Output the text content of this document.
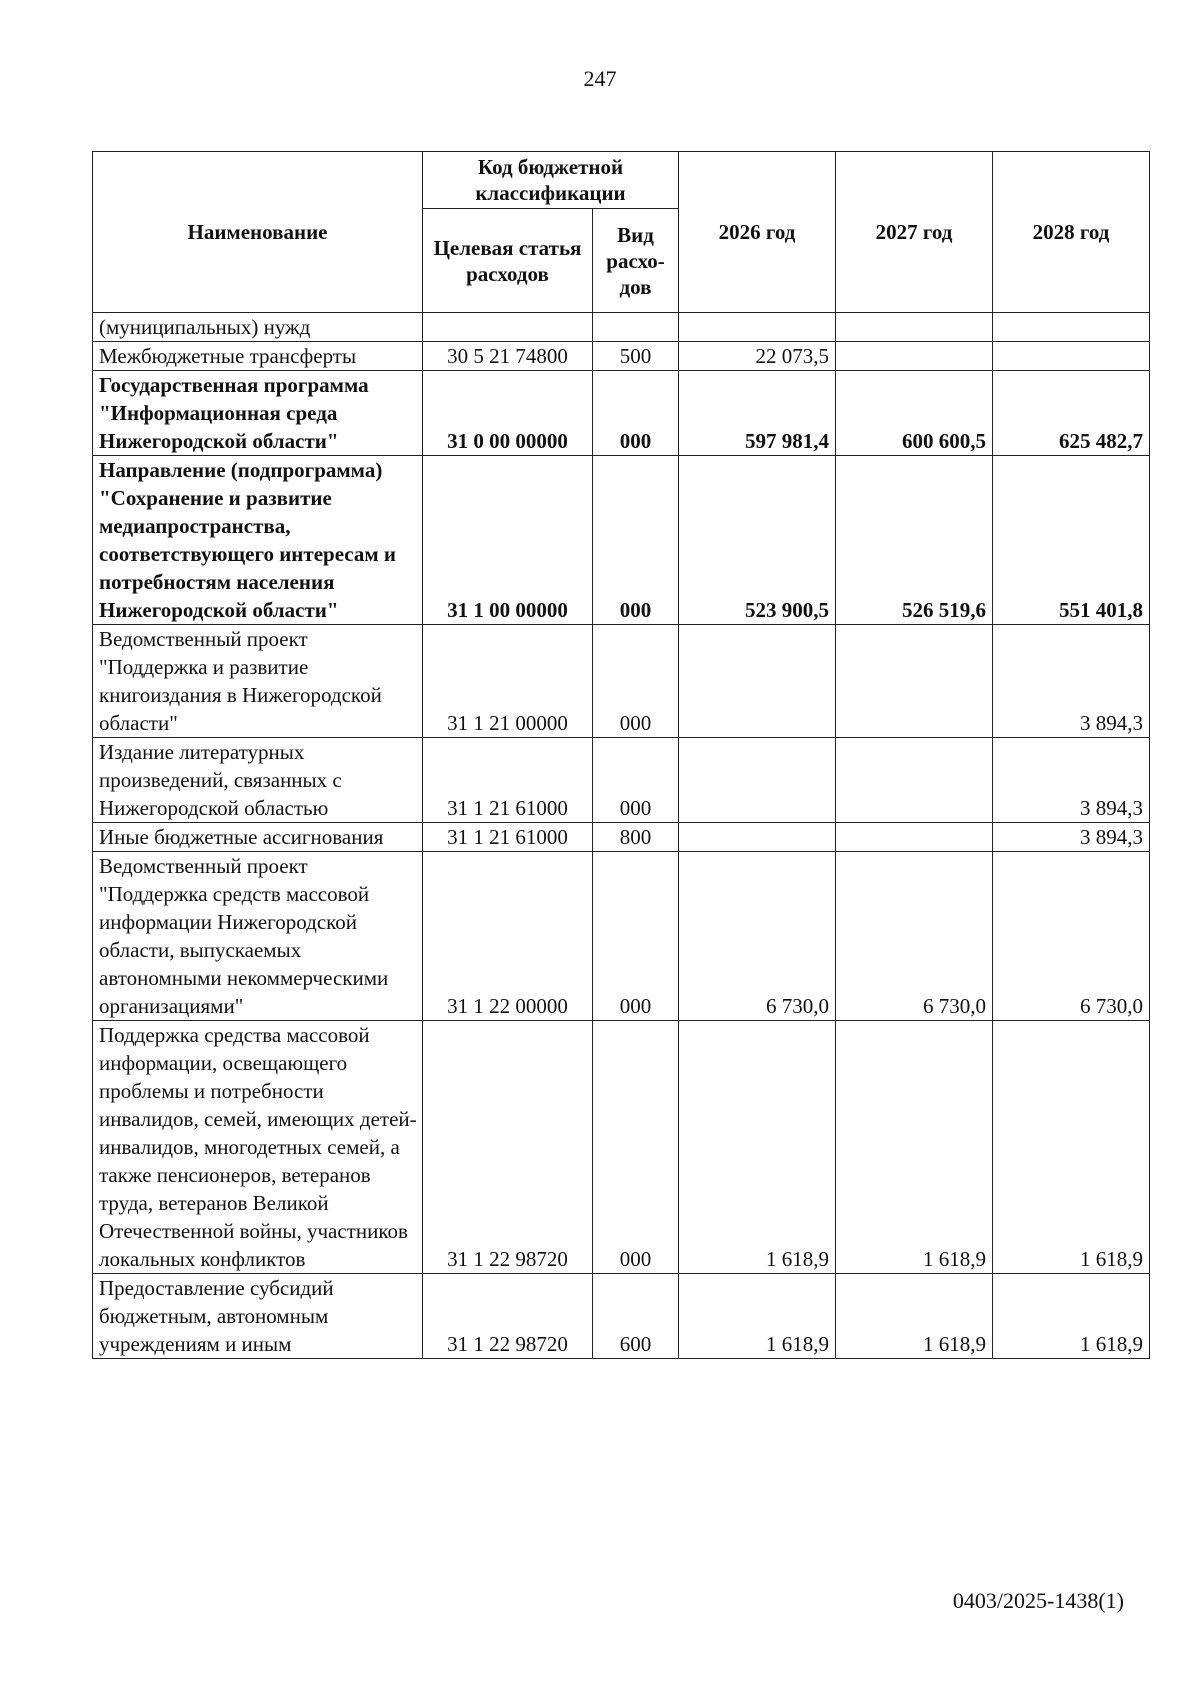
247
Наименование	Код бюджетной классификации		2026 год	2027 год	2028 год
	Целевая статья расходов	Вид расхо-дов			
(муниципальных) нужд					
Межбюджетные трансферты	30 5 21 74800	500	22 073,5		
Государственная программа "Информационная среда Нижегородской области"	31 0 00 00000	000	597 981,4	600 600,5	625 482,7
Направление (подпрограмма) "Сохранение и развитие медиапространства, соответствующего интересам и потребностям населения Нижегородской области"	31 1 00 00000	000	523 900,5	526 519,6	551 401,8
Ведомственный проект "Поддержка и развитие книгоиздания в Нижегородской области"	31 1 21 00000	000			3 894,3
Издание литературных произведений, связанных с Нижегородской областью	31 1 21 61000	000			3 894,3
Иные бюджетные ассигнования	31 1 21 61000	800			3 894,3
Ведомственный проект "Поддержка средств массовой информации Нижегородской области, выпускаемых автономными некоммерческими организациями"	31 1 22 00000	000	6 730,0	6 730,0	6 730,0
Поддержка средства массовой информации, освещающего проблемы и потребности инвалидов, семей, имеющих детей-инвалидов, многодетных семей, а также пенсионеров, ветеранов труда, ветеранов Великой Отечественной войны, участников локальных конфликтов	31 1 22 98720	000	1 618,9	1 618,9	1 618,9
Предоставление субсидий бюджетным, автономным учреждениям и иным	31 1 22 98720	600	1 618,9	1 618,9	1 618,9
0403/2025-1438(1)
